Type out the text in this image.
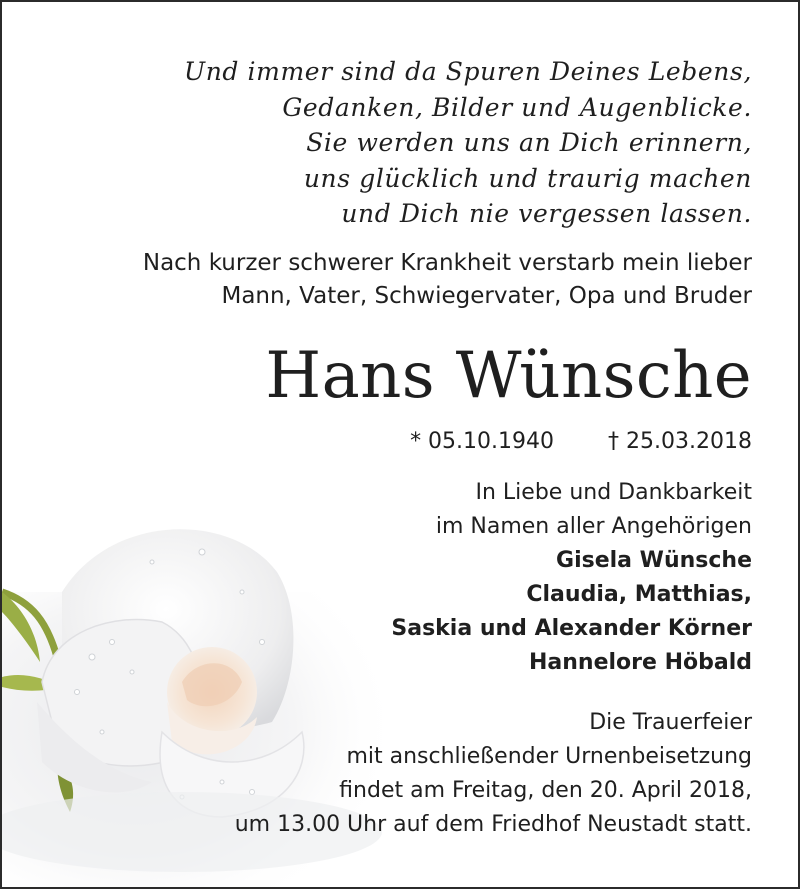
Und immer sind da Spuren Deines Lebens,
Gedanken, Bilder und Augenblicke.
Sie werden uns an Dich erinnern,
uns glücklich und traurig machen
und Dich nie vergessen lassen.
Nach kurzer schwerer Krankheit verstarb mein lieber
Mann, Vater, Schwiegervater, Opa und Bruder
Hans Wünsche
* 05.10.1940 † 25.03.2018
In Liebe und Dankbarkeit
im Namen aller Angehörigen
Gisela Wünsche
Claudia, Matthias,
Saskia und Alexander Körner
Hannelore Höbald
Die Trauerfeier
mit anschließender Urnenbeisetzung
findet am Freitag, den 20. April 2018,
um 13.00 Uhr auf dem Friedhof Neustadt statt.
